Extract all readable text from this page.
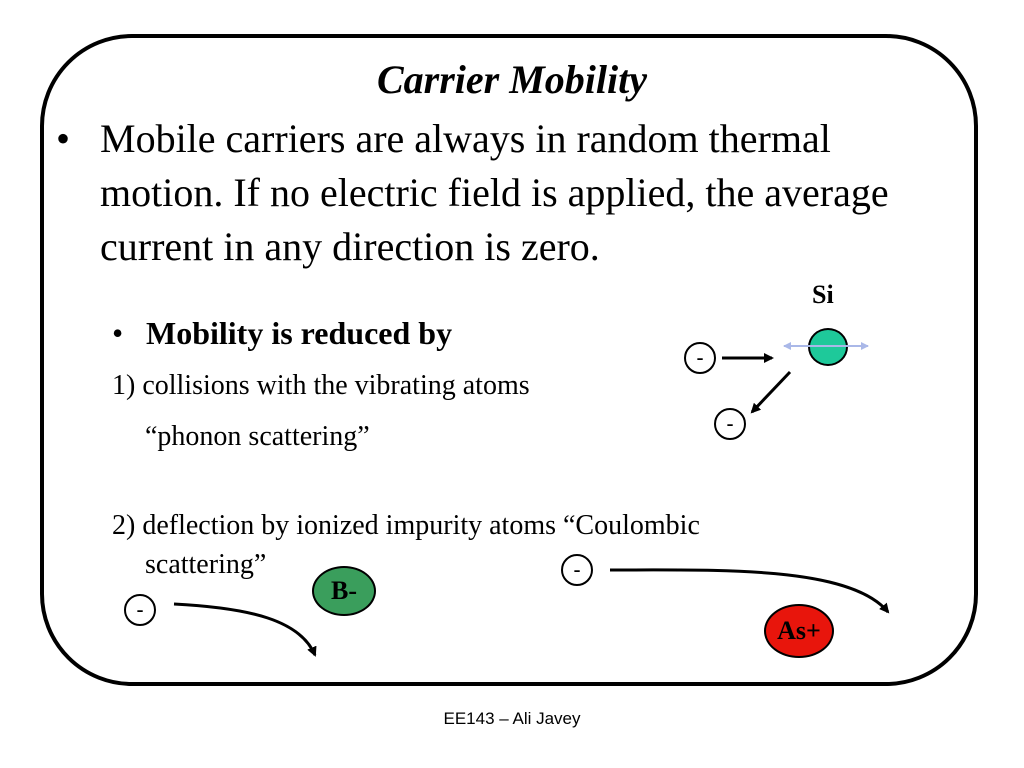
Carrier Mobility
• Mobile carriers are always in random thermal motion. If no electric field is applied, the average current in any direction is zero.
Si
• Mobility is reduced by
1) collisions with the vibrating atoms
“phonon scattering”
2) deflection by ionized impurity atoms “Coulombic
scattering”
-
-
-
-
B-
As+
EE143 – Ali Javey
